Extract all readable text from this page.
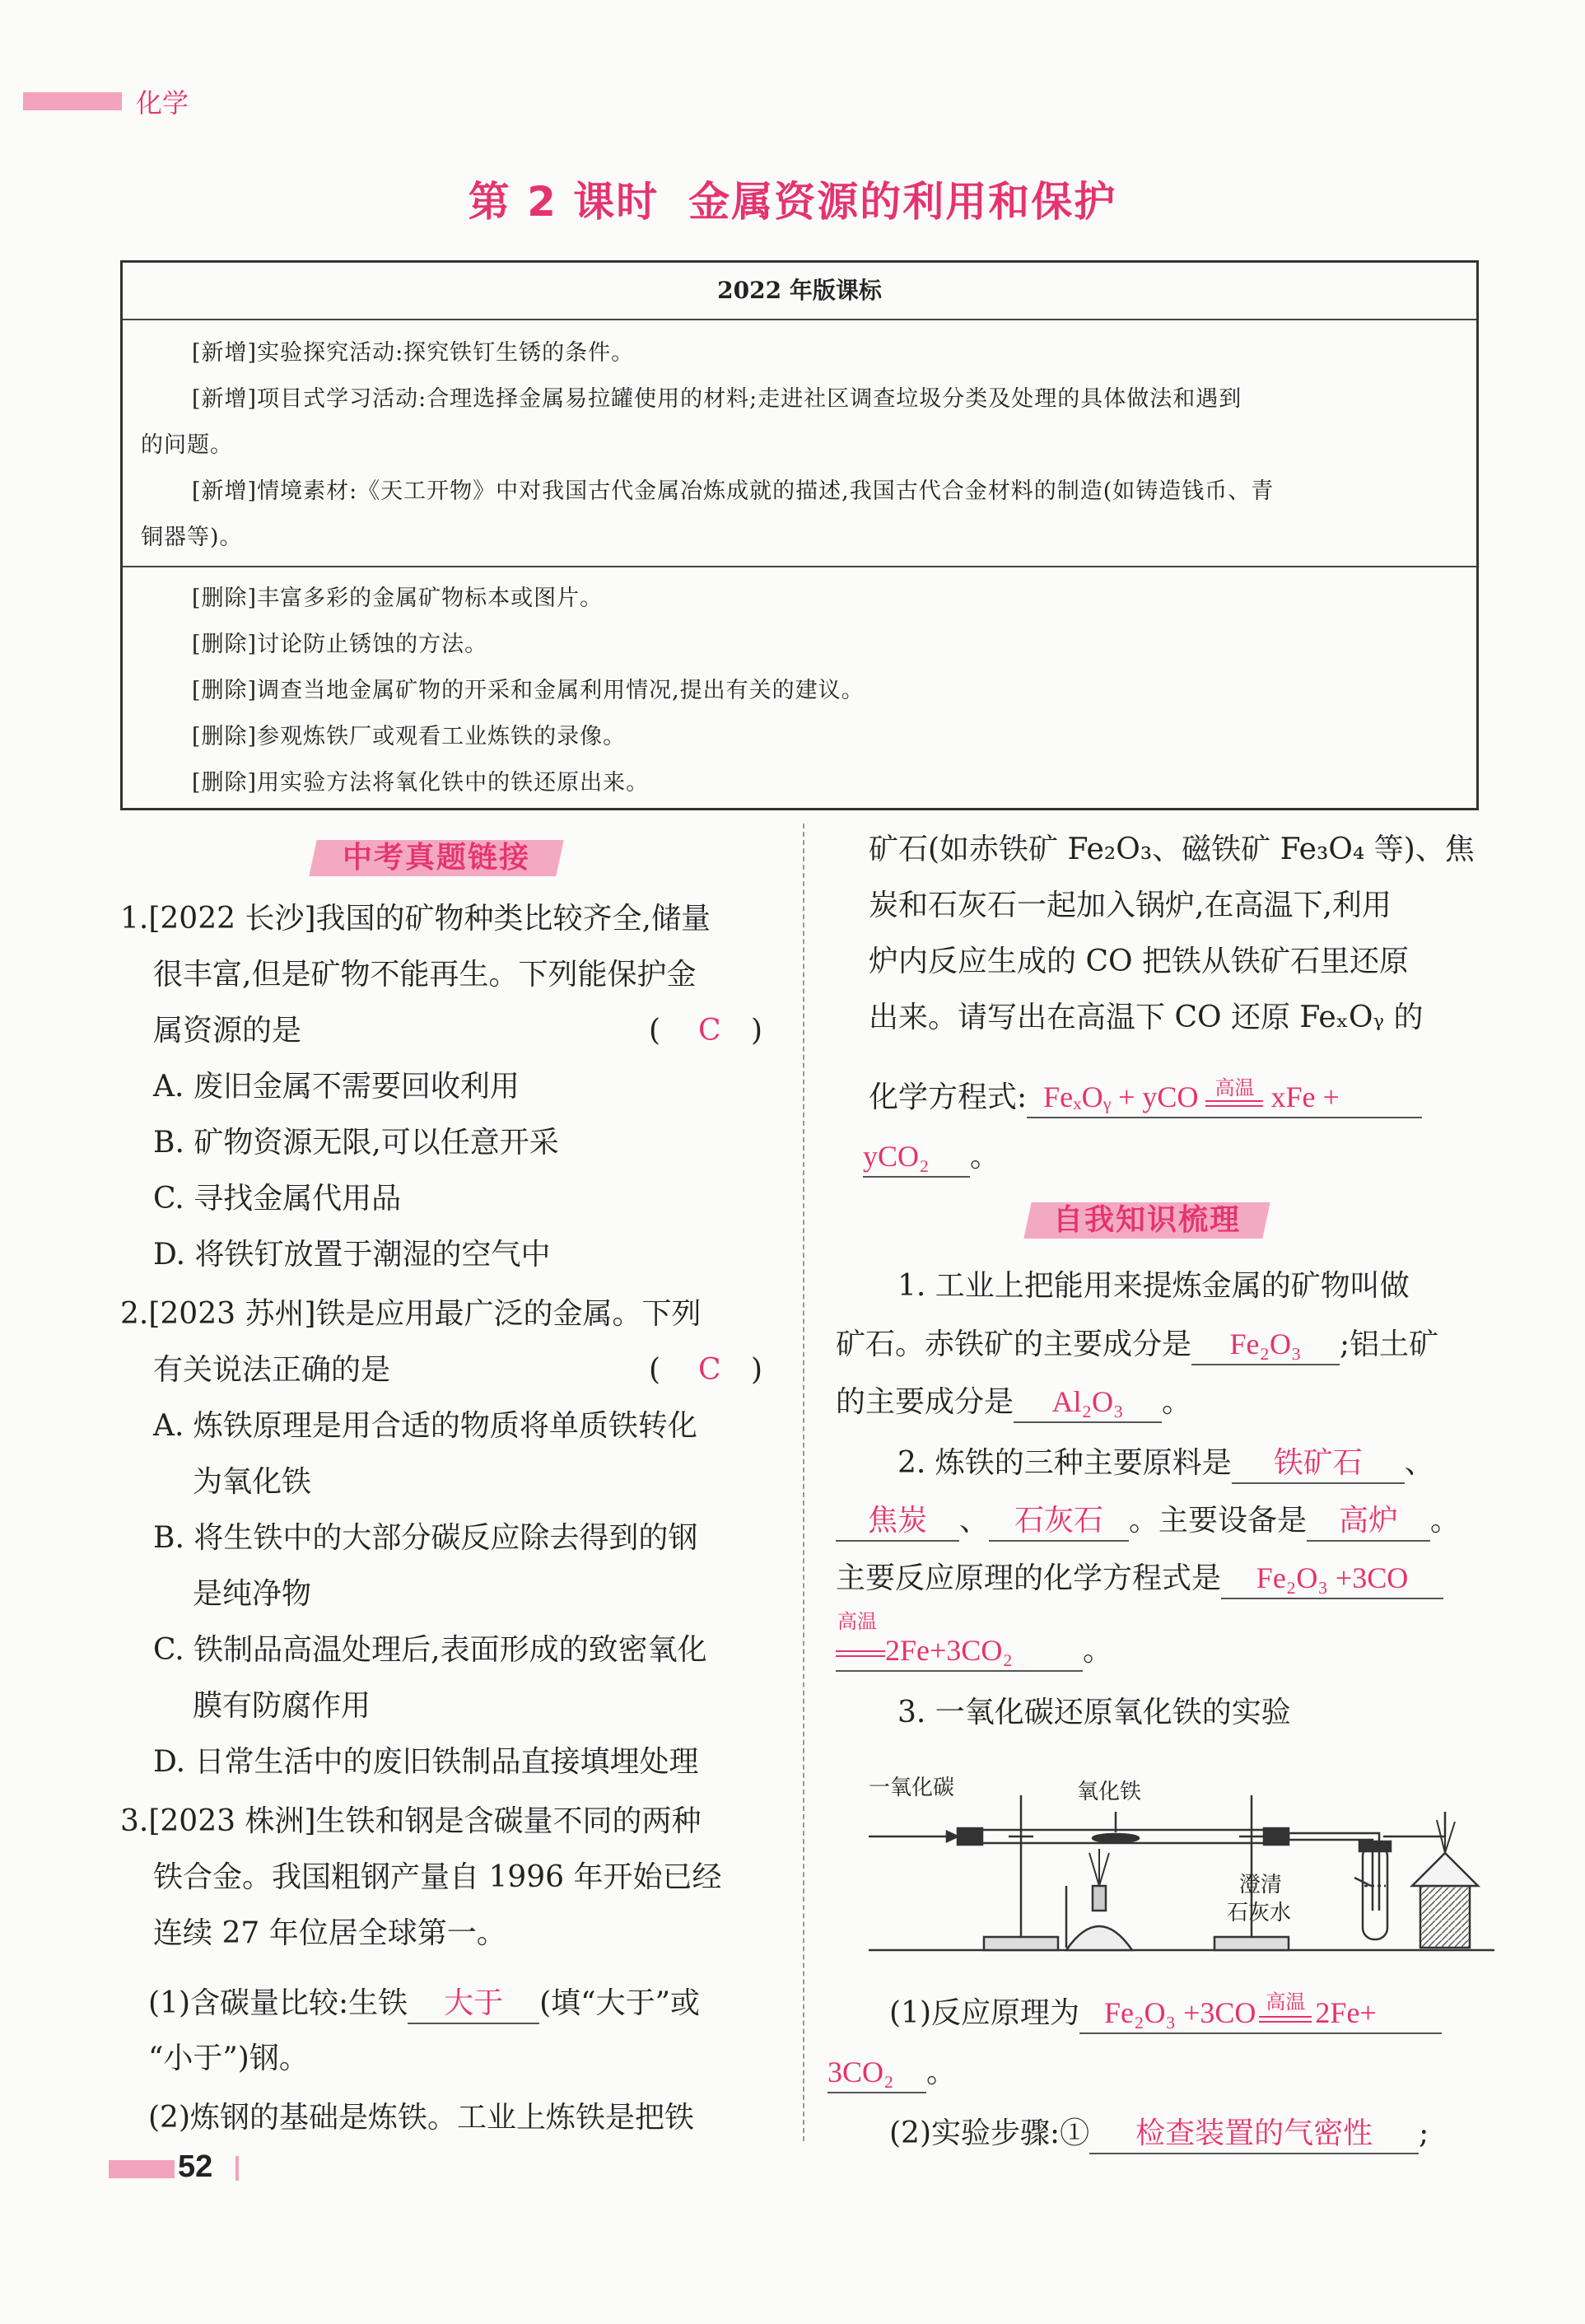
化学
第 2 课时 金属资源的利用和保护
2022 年版课标
[新增]实验探究活动:探究铁钉生锈的条件。
[新增]项目式学习活动:合理选择金属易拉罐使用的材料;走进社区调查垃圾分类及处理的具体做法和遇到
的问题。
[新增]情境素材:《天工开物》中对我国古代金属冶炼成就的描述,我国古代合金材料的制造(如铸造钱币、青
铜器等)。
[删除]丰富多彩的金属矿物标本或图片。
[删除]讨论防止锈蚀的方法。
[删除]调查当地金属矿物的开采和金属利用情况,提出有关的建议。
[删除]参观炼铁厂或观看工业炼铁的录像。
[删除]用实验方法将氧化铁中的铁还原出来。
中考真题链接
1.[2022 长沙]我国的矿物种类比较齐全,储量
很丰富,但是矿物不能再生。下列能保护金
属资源的是	( C )
A. 废旧金属不需要回收利用
B. 矿物资源无限,可以任意开采
C. 寻找金属代用品
D. 将铁钉放置于潮湿的空气中
2.[2023 苏州]铁是应用最广泛的金属。下列
有关说法正确的是	( C )
A. 炼铁原理是用合适的物质将单质铁转化
为氧化铁
B. 将生铁中的大部分碳反应除去得到的钢
是纯净物
C. 铁制品高温处理后,表面形成的致密氧化
膜有防腐作用
D. 日常生活中的废旧铁制品直接填埋处理
3.[2023 株洲]生铁和钢是含碳量不同的两种
铁合金。我国粗钢产量自 1996 年开始已经
连续 27 年位居全球第一。
(1)含碳量比较:生铁 大于 (填“大于”或
“小于”)钢。
(2)炼钢的基础是炼铁。工业上炼铁是把铁
矿石(如赤铁矿 Fe₂O₃、磁铁矿 Fe₃O₄ 等)、焦
炭和石灰石一起加入锅炉,在高温下,利用
炉内反应生成的 CO 把铁从铁矿石里还原
出来。请写出在高温下 CO 还原 FeₓOᵧ 的
化学方程式: FeₓOᵧ + yCO 高温 xFe +
yCO₂ 。
自我知识梳理
1. 工业上把能用来提炼金属的矿物叫做
矿石。赤铁矿的主要成分是 Fe₂O₃ ;铝土矿
的主要成分是 Al₂O₃ 。
2. 炼铁的三种主要原料是 铁矿石 、
焦炭 、 石灰石 。主要设备是 高炉 。
主要反应原理的化学方程式是 Fe₂O₃ +3CO
高温
2Fe+3CO₂ 。
3. 一氧化碳还原氧化铁的实验
一氧化碳	氧化铁
澄清
石灰水
(1)反应原理为 Fe₂O₃ +3CO 高温 2Fe+
3CO₂ 。
(2)实验步骤:① 检查装置的气密性 ;
52
